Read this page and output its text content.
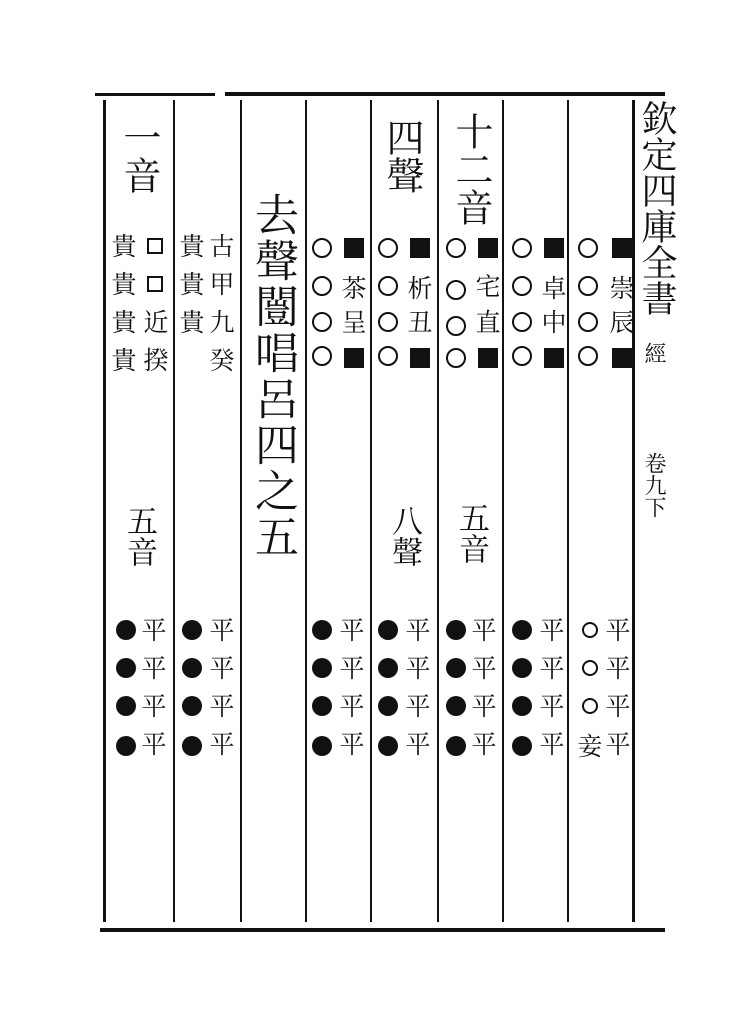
欽定四庫全書
經
卷九下
去聲闓唱呂四之五
十二音
五音
四聲
八聲
一音
五音
崇
辰
卓
中
宅
直
析
丑
茶
呈
貴
貴
貴
古
甲
九
癸
貴
貴
貴
貴
近
揆
妾
平
平
平
平
平
平
平
平
平
平
平
平
平
平
平
平
平
平
平
平
平
平
平
平
平
平
平
平
